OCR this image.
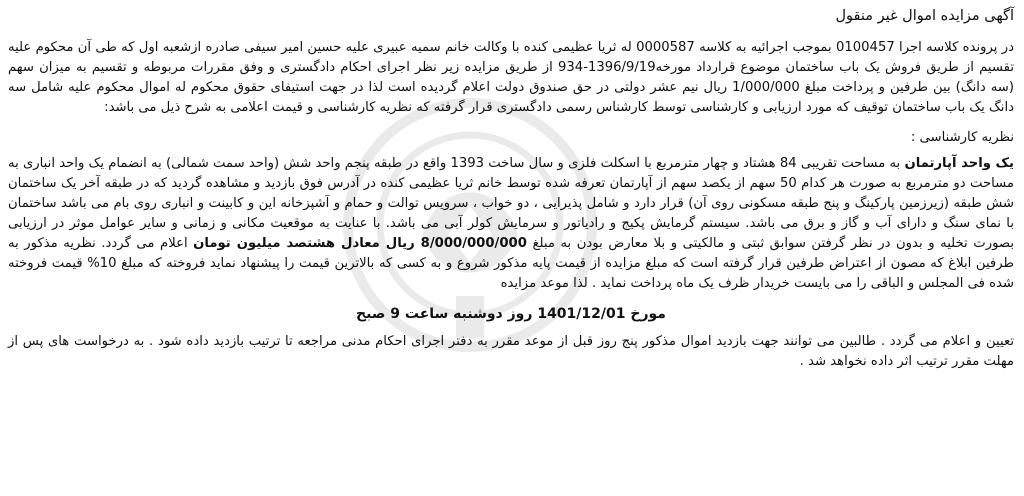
آگهی مزایده اموال غیر منقول

در پرونده کلاسه اجرا 0100457 بموجب اجرائیه به کلاسه 0000587 له ثریا عظیمی کنده با وکالت خانم سمیه عبیری علیه حسین امیر سیفی صادره ازشعبه اول که طی آن محکوم علیه تقسیم از طریق فروش یک باب ساختمان موضوع قرارداد مورخه1396/9/19-934 از طریق مزایده زیر نظر اجرای احکام دادگستری و وفق مقررات مربوطه و تقسیم به میزان سهم (سه دانگ) بین طرفین و پرداخت مبلغ 1/000/000 ریال نیم عشر دولتی در حق صندوق دولت اعلام گردیده است لذا در جهت استیفای حقوق محکوم له اموال محکوم علیه شامل سه دانگ یک باب ساختمان توقیف که مورد ارزیابی و کارشناسی توسط کارشناس رسمی دادگستری قرار گرفته که نظریه کارشناسی و قیمت اعلامی به شرح ذیل می باشد:

نظریه کارشناسی :

یک واحد آپارتمان به مساحت تقریبی 84 هشتاد و چهار مترمربع با اسکلت فلزی و سال ساخت 1393 واقع در طبقه پنجم واحد شش (واحد سمت شمالی) به انضمام یک واحد انباری به مساحت دو مترمربع به صورت هر کدام 50 سهم از یکصد سهم از آپارتمان تعرفه شده توسط خانم ثریا عظیمی کنده در آدرس فوق بازدید و مشاهده گردید که در طبقه آخر یک ساختمان شش طبقه (زیرزمین پارکینگ و پنج طبقه مسکونی روی آن) قرار دارد و شامل پذیرایی ، دو خواب ، سرویس توالت و حمام و آشپزخانه این و کابینت و انباری روی بام می باشد ساختمان با نمای سنگ و دارای آب و گاز و برق می باشد. سیستم گرمایش پکیج و رادیاتور و سرمایش کولر آبی می باشد. با عنایت به موقعیت مکانی و زمانی و سایر عوامل موثر در ارزیابی بصورت تخلیه و بدون در نظر گرفتن سوابق ثبتی و مالکیتی و بلا معارض بودن به مبلغ 8/000/000/000 ریال معادل هشتصد میلیون تومان اعلام می گردد. نظریه مذکور به طرفین ابلاغ که مصون از اعتراض طرفین قرار گرفته است که مبلغ مزایده از قیمت پایه مذکور شروع و به کسی که بالاترین قیمت را پیشنهاد نماید فروخته که مبلغ 10% قیمت فروخته شده فی المجلس و الباقی را می بایست خریدار ظرف یک ماه پرداخت نماید . لذا موعد مزایده

مورخ 1401/12/01 روز دوشنبه ساعت 9 صبح

تعیین و اعلام می گردد . طالبین می توانند جهت بازدید اموال مذکور پنج روز قبل از موعد مقرر به دفتر اجرای احکام مدنی مراجعه تا ترتیب بازدید داده شود . به درخواست های پس از مهلت مقرر ترتیب اثر داده نخواهد شد .
